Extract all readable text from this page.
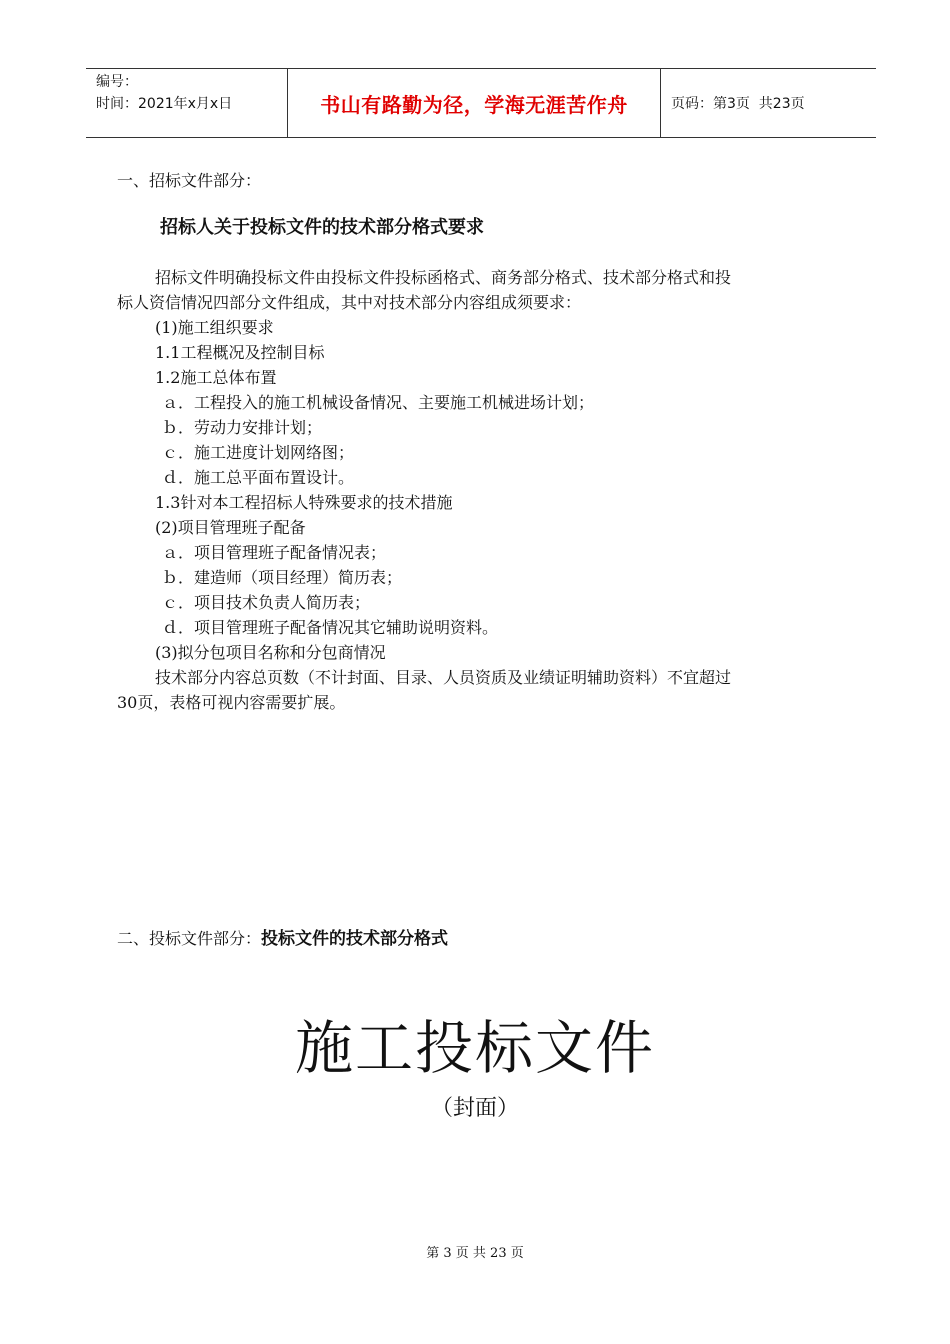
编号：
时间：2021年x月x日	书山有路勤为径，学海无涯苦作舟	页码：第3页  共23页
一、招标文件部分：
招标人关于投标文件的技术部分格式要求
招标文件明确投标文件由投标文件投标函格式、商务部分格式、技术部分格式和投
标人资信情况四部分文件组成，其中对技术部分内容组成须要求：
(1)施工组织要求
1.1工程概况及控制目标
1.2施工总体布置
ａ．工程投入的施工机械设备情况、主要施工机械进场计划；
ｂ．劳动力安排计划；
ｃ．施工进度计划网络图；
ｄ．施工总平面布置设计。
1.3针对本工程招标人特殊要求的技术措施
(2)项目管理班子配备
ａ．项目管理班子配备情况表；
ｂ．建造师（项目经理）简历表；
ｃ．项目技术负责人简历表；
ｄ．项目管理班子配备情况其它辅助说明资料。
(3)拟分包项目名称和分包商情况
技术部分内容总页数（不计封面、目录、人员资质及业绩证明辅助资料）不宜超过
30页，表格可视内容需要扩展。
二、投标文件部分：投标文件的技术部分格式
施工投标文件
（封面）
第 3 页 共 23 页
